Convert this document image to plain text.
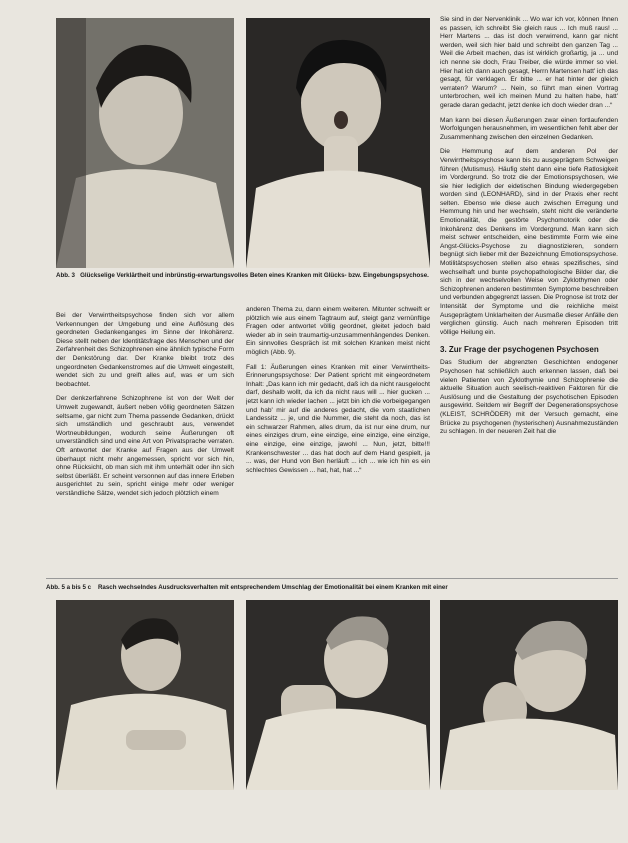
Abb. 3 Glückselige Verklärtheit und inbrünstig-erwartungsvolles Beten eines Kranken mit Glücks- bzw. Eingebungspsychose.

Bei der Verwirrtheitspsychose finden sich vor allem Verkennungen der Umgebung und eine Auflösung des geordneten Gedankenganges im Sinne der Inkohärenz. Diese stellt neben der Identitätsfrage des Menschen und der Zerfahrenheit des Schizophrenen eine ähnlich typische Form der Denkstörung dar. Der Kranke bleibt trotz des ungeordneten Gedankenstromes auf die Umwelt eingestellt, wendet sich zu und greift alles auf, was er um sich beobachtet.

Der denkzerfahrene Schizophrene ist von der Welt der Umwelt zugewandt, äußert neben völlig geordneten Sätzen seltsame, gar nicht zum Thema passende Gedanken, drückt sich umständlich und geschraubt aus, verwendet Wortneubildungen, wodurch seine Äußerungen oft unverständlich sind und eine Art von Privatsprache verraten. Oft antwortet der Kranke auf Fragen aus der Umwelt überhaupt nicht mehr angemessen, spricht vor sich hin, ohne Rücksicht, ob man sich mit ihm unterhält oder ihn sich selbst überläßt. Er scheint versonnen auf das innere Erleben ausgerichtet zu sein, spricht einige mehr oder weniger verständliche Sätze, wendet sich jedoch plötzlich einem

anderen Thema zu, dann einem weiteren. Mitunter schweift er plötzlich wie aus einem Tagtraum auf, steigt ganz vernünftige Fragen oder antwortet völlig geordnet, gleitet jedoch bald wieder ab in sein traumartig-unzusammenhängendes Denken. Ein sinnvolles Gespräch ist mit solchen Kranken meist nicht möglich (Abb. 9).

Fall 1: Äußerungen eines Kranken mit einer Verwirrtheits- Erinnerungspsychose: Der Patient spricht mit eingeordnetem Inhalt: „Das kann ich mir gedacht, daß ich da nicht rausgelocht darf, deshalb wollt, da ich da nicht raus will ... hier gucken ... jetzt kann ich wieder lachen ... jetzt bin ich die vorbeigegangen und hab' mir auf die anderes gedacht, die vom staatlichen Landessitz ... je, und die Nummer, die steht da noch, das ist ein schwarzer Rahmen, alles drum, da ist nur eine drum, nur eines einziges drum, eine einzige, eine einzige, eine einzige, eine einzige, eine einzige, jawohl ... Nun, jetzt, bitte!!! Krankenschwester ... das hat doch auf dem Hand gespielt, ja ... was, der Hund von Ben herläuft ... ich ... wie ich hin es ein schlechtes Gewissen ... hat, hat, hat ...“

Sie sind in der Nervenklinik ... Wo war ich vor, können Ihnen es passen, ich schreibt Sie gleich raus ... Ich muß raus! ... Herr Martens ... das ist doch verwirrend, kann gar nicht werden, weil sich hier bald und schreibt den ganzen Tag ... Weil die Arbeit machen, das ist wirklich großartig, ja ... und ich nenne sie doch, Frau Treiber, die würde immer so viel. Hier hat ich dann auch gesagt, Herrn Martensen hatt' ich das gesagt, für verklagen. Er bitte ... er hat hinter der gleich verraten? Warum? ... Nein, so führt man einen Vortrag unterbrochen, weil ich meinen Mund zu halten habe, hatt' gerade daran gedacht, jetzt denke ich doch wieder dran ...“

Man kann bei diesen Äußerungen zwar einen fortlaufenden Worfolgungen herausnehmen, im wesentlichen fehlt aber der Zusammenhang zwischen den einzelnen Gedanken.

Die Hemmung auf dem anderen Pol der Verwirrtheitspsychose kann bis zu ausgeprägtem Schweigen führen (Mutismus). Häufig steht dann eine tiefe Ratlosigkeit im Vordergrund. So trotz die der Emotionspsychosen, wie sie hier lediglich der eidetischen Bindung wiedergegeben worden sind (LEONHARD), sind in der Praxis eher recht selten. Ebenso wie diese auch zwischen Erregung und Hemmung hin und her wechseln, steht nicht die veränderte Emotionalität, die gestörte Psychomotorik oder die Inkohärenz des Denkens im Vordergrund. Man kann sich meist schwer entscheiden, eine bestimmte Form wie eine Angst-Glücks-Psychose zu diagnostizieren, sondern begnügt sich lieber mit der Bezeichnung Emotionspsychose. Motilitätspsychosen stellen also etwas spezifisches, sind wechselhaft und bunte psychopathologische Bilder dar, die sich in der wechselvollen Weise von Zyklothymen oder Schizophrenen anderen bestimmten Symptome beschreiben und verbunden abgegrenzt lassen. Die Prognose ist trotz der Intensität der Symptome und die reichliche meist Ausgeprägtem Unklarheiten der Ausmaße dieser Anfälle den verglichen günstig. Auch nach mehreren Episoden tritt völlige Heilung ein.

3. Zur Frage der psychogenen Psychosen

Das Studium der abgrenzten Geschichten endogener Psychosen hat schließlich auch erkennen lassen, daß bei vielen Patienten von Zyklothymie und Schizophrenie die aktuelle Situation auch seelisch-reaktiven Faktoren für die Auslösung und die Gestaltung der psychotischen Episoden ausgewirkt. Seitdem wir Begriff der Degenerationspsychose (KLEIST, SCHRÖDER) mit der Versuch gemacht, eine Brücke zu psychogenen (hysterischen) Ausnahmezuständen zu schlagen. In der neueren Zeit hat die

Abb. 5 a bis 5 c Rasch wechselndes Ausdrucksverhalten mit entsprechendem Umschlag der Emotionalität bei einem Kranken mit einer
